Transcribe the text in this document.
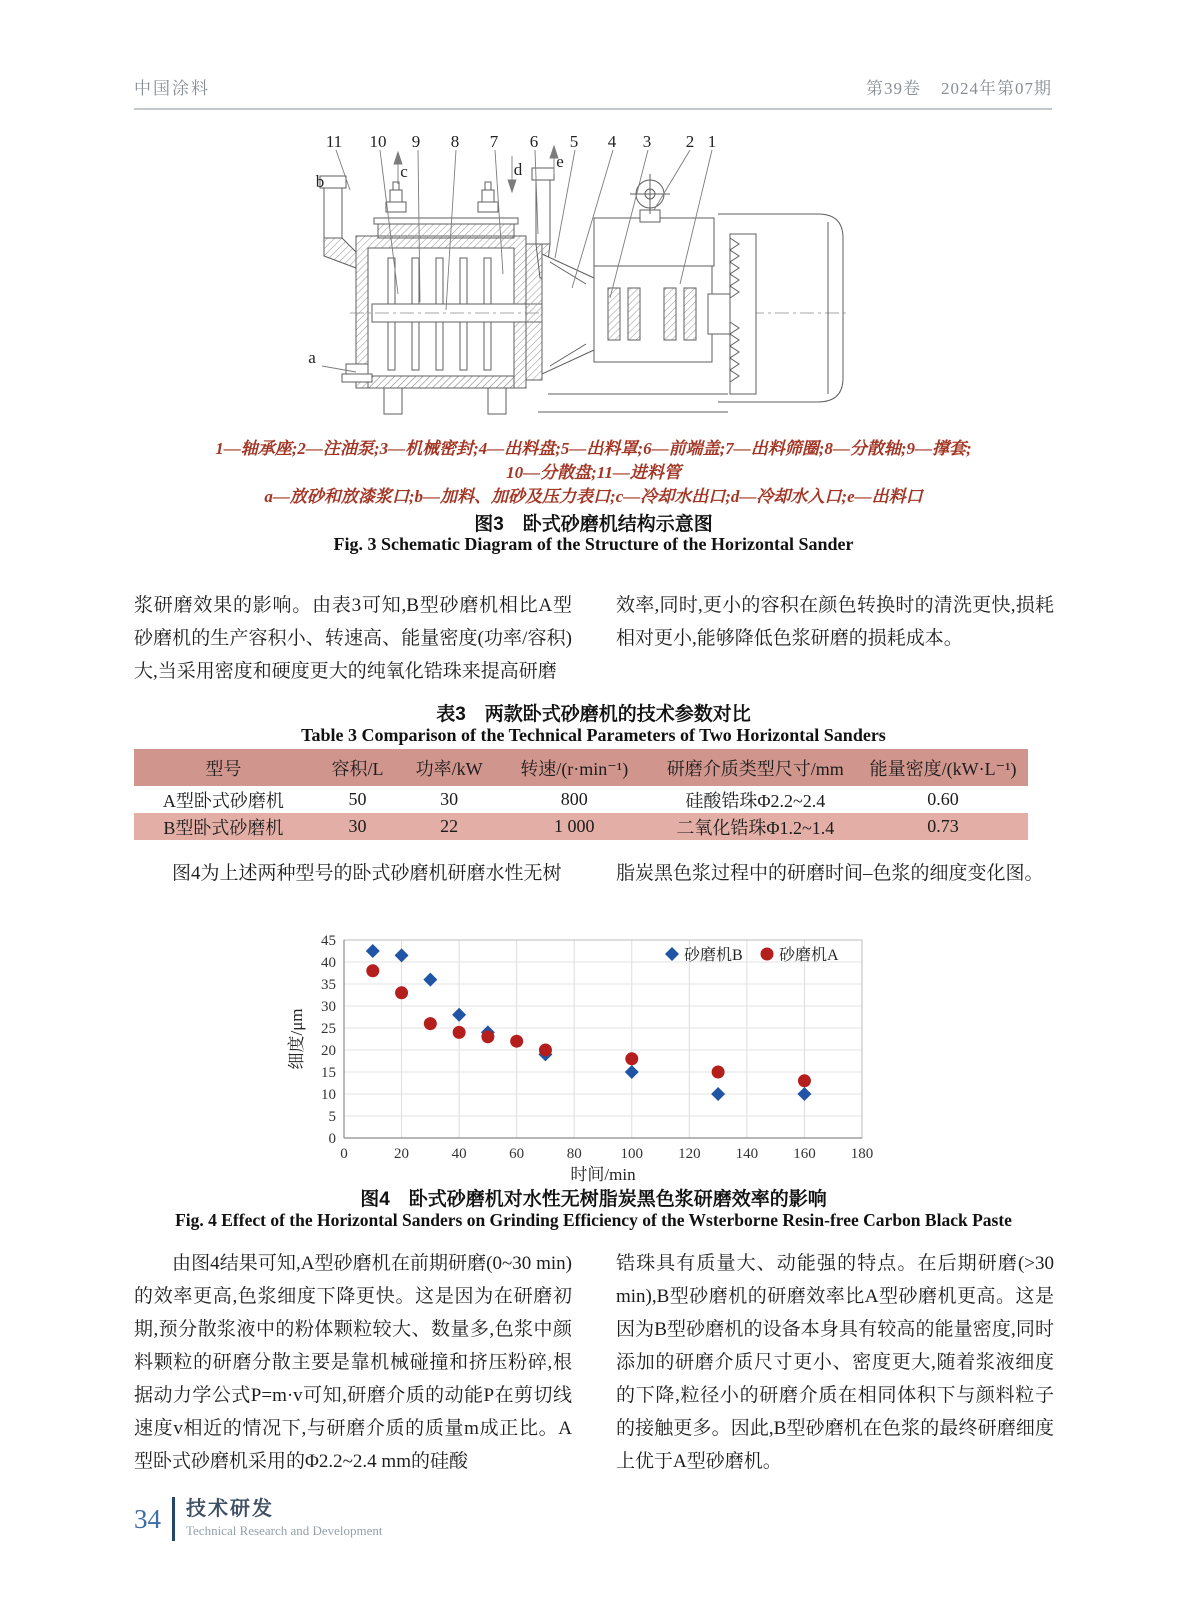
中国涂料	第39卷 2024年第07期
11 10 9 8 7 6 5 4 3 2 1
b
c	d e
a
1—轴承座;2—注油泵;3—机械密封;4—出料盘;5—出料罩;6—前端盖;7—出料筛圈;8—分散轴;9—撑套;
10—分散盘;11—进料管
a—放砂和放漆浆口;b—加料、加砂及压力表口;c—冷却水出口;d—冷却水入口;e—出料口
图3　卧式砂磨机结构示意图
Fig. 3 Schematic Diagram of the Structure of the Horizontal Sander
浆研磨效果的影响。由表3可知,B型砂磨机相比A型砂磨机的生产容积小、转速高、能量密度(功率/容积)大,当采用密度和硬度更大的纯氧化锆珠来提高研磨
效率,同时,更小的容积在颜色转换时的清洗更快,损耗相对更小,能够降低色浆研磨的损耗成本。
表3　两款卧式砂磨机的技术参数对比
Table 3 Comparison of the Technical Parameters of Two Horizontal Sanders
型号	容积/L	功率/kW	转速/(r·min⁻¹)	研磨介质类型尺寸/mm	能量密度/(kW·L⁻¹)
A型卧式砂磨机	50	30	800	硅酸锆珠Φ2.2~2.4	0.60
B型卧式砂磨机	30	22	1 000	二氧化锆珠Φ1.2~1.4	0.73
图4为上述两种型号的卧式砂磨机研磨水性无树	脂炭黑色浆过程中的研磨时间–色浆的细度变化图。
0	20	40	60	80	100 120 140 160 180
0
5
10
15
20
25
30
35
40
45
砂磨机B 砂磨机A
时间/min
细度/μm
图4　卧式砂磨机对水性无树脂炭黑色浆研磨效率的影响
Fig. 4 Effect of the Horizontal Sanders on Grinding Efficiency of the Wsterborne Resin-free Carbon Black Paste
由图4结果可知,A型砂磨机在前期研磨(0~30 min)的效率更高,色浆细度下降更快。这是因为在研磨初期,预分散浆液中的粉体颗粒较大、数量多,色浆中颜料颗粒的研磨分散主要是靠机械碰撞和挤压粉碎,根据动力学公式P=m·v可知,研磨介质的动能P在剪切线速度v相近的情况下,与研磨介质的质量m成正比。A型卧式砂磨机采用的Φ2.2~2.4 mm的硅酸
锆珠具有质量大、动能强的特点。在后期研磨(>30 min),B型砂磨机的研磨效率比A型砂磨机更高。这是因为B型砂磨机的设备本身具有较高的能量密度,同时添加的研磨介质尺寸更小、密度更大,随着浆液细度的下降,粒径小的研磨介质在相同体积下与颜料粒子的接触更多。因此,B型砂磨机在色浆的最终研磨细度上优于A型砂磨机。
34 技术研发
Technical Research and Development
